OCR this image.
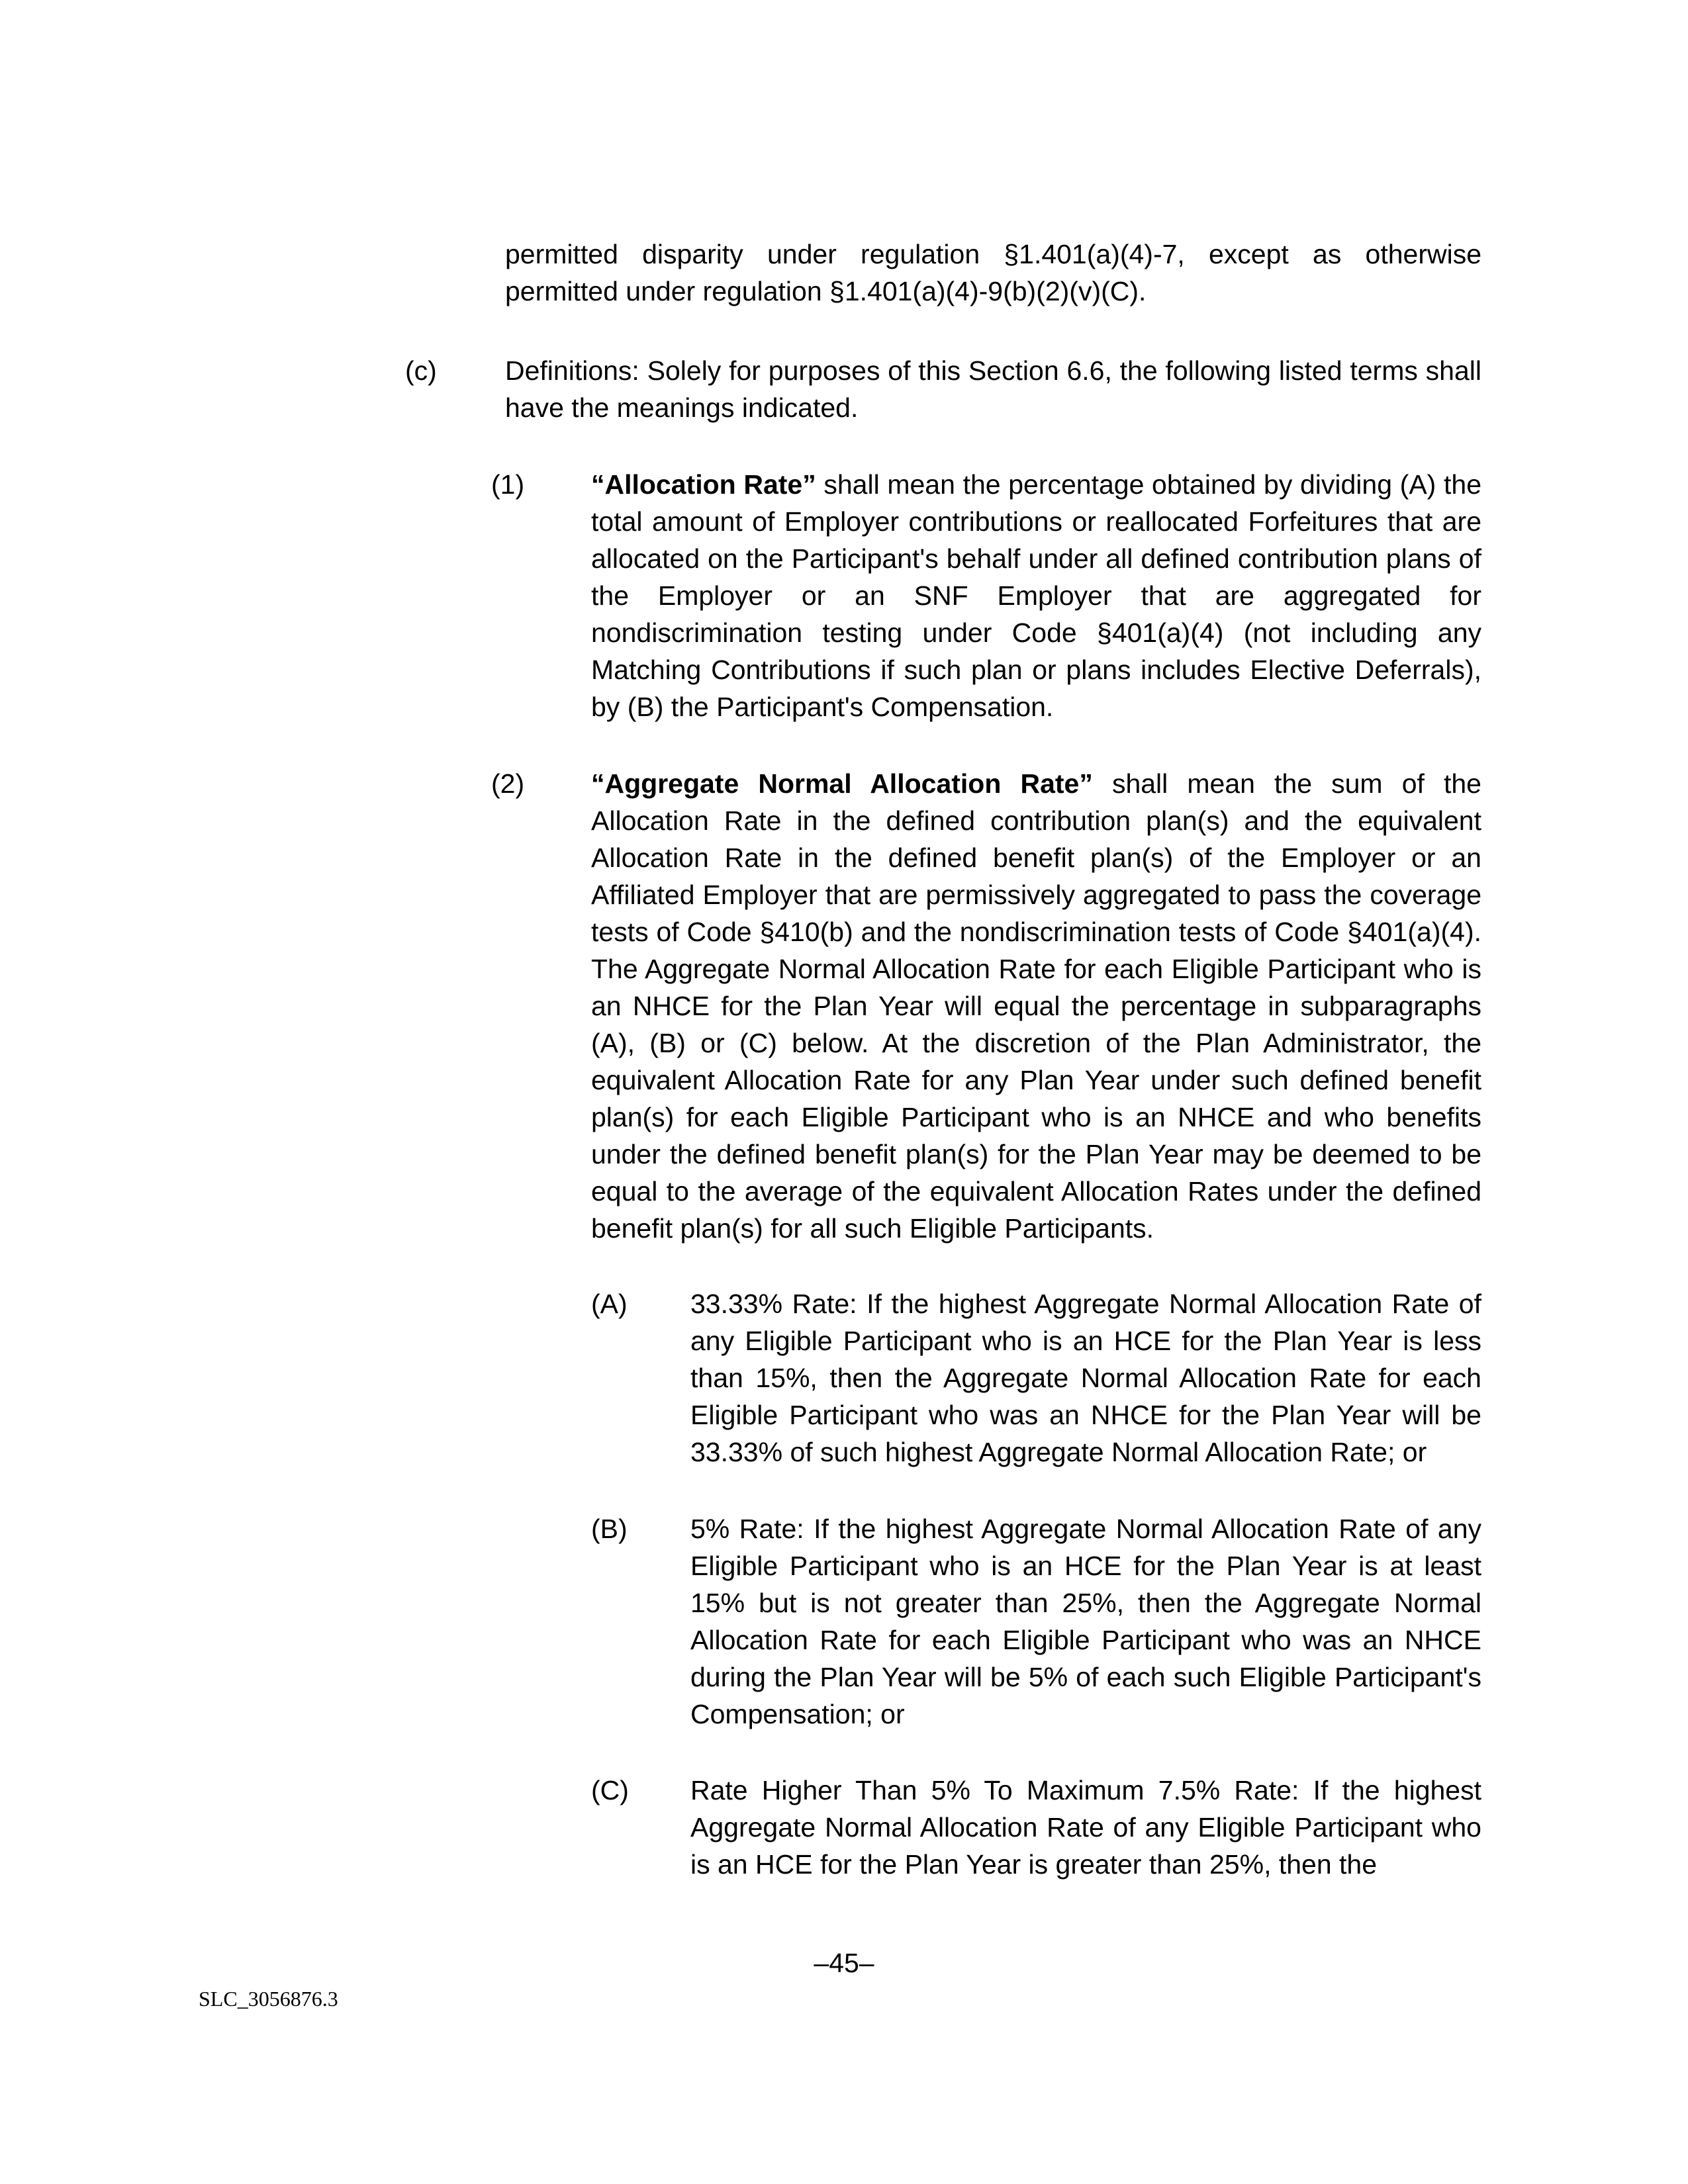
permitted disparity under regulation §1.401(a)(4)-7, except as otherwise permitted under regulation §1.401(a)(4)-9(b)(2)(v)(C).

(c)	Definitions: Solely for purposes of this Section 6.6, the following listed terms shall have the meanings indicated.

(1) “Allocation Rate” shall mean the percentage obtained by dividing (A) the total amount of Employer contributions or reallocated Forfeitures that are allocated on the Participant's behalf under all defined contribution plans of the Employer or an SNF Employer that are aggregated for nondiscrimination testing under Code §401(a)(4) (not including any Matching Contributions if such plan or plans includes Elective Deferrals), by (B) the Participant's Compensation.

(2) “Aggregate Normal Allocation Rate” shall mean the sum of the Allocation Rate in the defined contribution plan(s) and the equivalent Allocation Rate in the defined benefit plan(s) of the Employer or an Affiliated Employer that are permissively aggregated to pass the coverage tests of Code §410(b) and the nondiscrimination tests of Code §401(a)(4). The Aggregate Normal Allocation Rate for each Eligible Participant who is an NHCE for the Plan Year will equal the percentage in subparagraphs (A), (B) or (C) below. At the discretion of the Plan Administrator, the equivalent Allocation Rate for any Plan Year under such defined benefit plan(s) for each Eligible Participant who is an NHCE and who benefits under the defined benefit plan(s) for the Plan Year may be deemed to be equal to the average of the equivalent Allocation Rates under the defined benefit plan(s) for all such Eligible Participants.

(A) 33.33% Rate: If the highest Aggregate Normal Allocation Rate of any Eligible Participant who is an HCE for the Plan Year is less than 15%, then the Aggregate Normal Allocation Rate for each Eligible Participant who was an NHCE for the Plan Year will be 33.33% of such highest Aggregate Normal Allocation Rate; or

(B) 5% Rate: If the highest Aggregate Normal Allocation Rate of any Eligible Participant who is an HCE for the Plan Year is at least 15% but is not greater than 25%, then the Aggregate Normal Allocation Rate for each Eligible Participant who was an NHCE during the Plan Year will be 5% of each such Eligible Participant's Compensation; or

(C) Rate Higher Than 5% To Maximum 7.5% Rate: If the highest Aggregate Normal Allocation Rate of any Eligible Participant who is an HCE for the Plan Year is greater than 25%, then the

–45–
SLC_3056876.3
